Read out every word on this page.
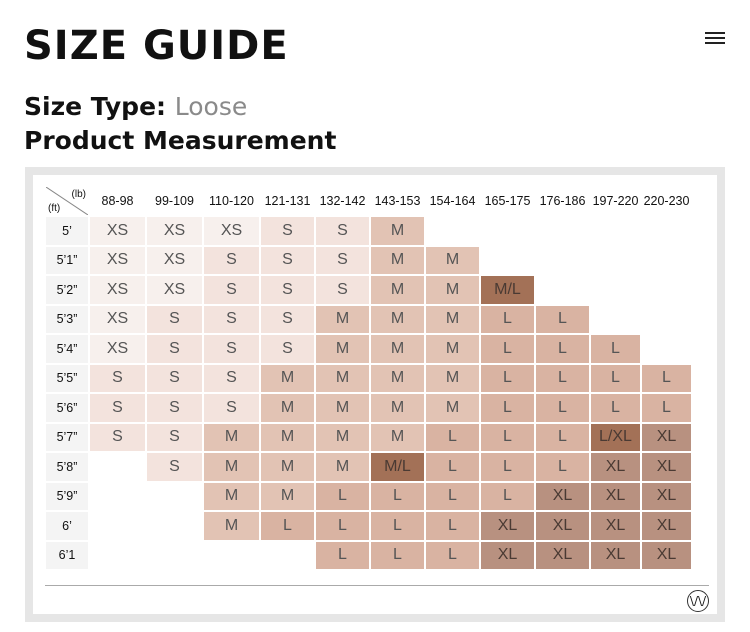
SIZE GUIDE
Size Type: Loose
Product Measurement
(lb)
(ft)	88-98	99-109	110-120	121-131	132-142	143-153	154-164	165-175	176-186	197-220	220-230
5’	XS	XS	XS	S	S	M					
5’1”	XS	XS	S	S	S	M	M				
5’2”	XS	XS	S	S	S	M	M	M/L			
5’3”	XS	S	S	S	M	M	M	L	L		
5’4”	XS	S	S	S	M	M	M	L	L	L	
5’5”	S	S	S	M	M	M	M	L	L	L	L
5’6”	S	S	S	M	M	M	M	L	L	L	L
5’7”	S	S	M	M	M	M	L	L	L	L/XL	XL
5’8”		S	M	M	M	M/L	L	L	L	XL	XL
5’9”			M	M	L	L	L	L	XL	XL	XL
6’			M	L	L	L	L	XL	XL	XL	XL
6’1					L	L	L	XL	XL	XL	XL
\/\/
